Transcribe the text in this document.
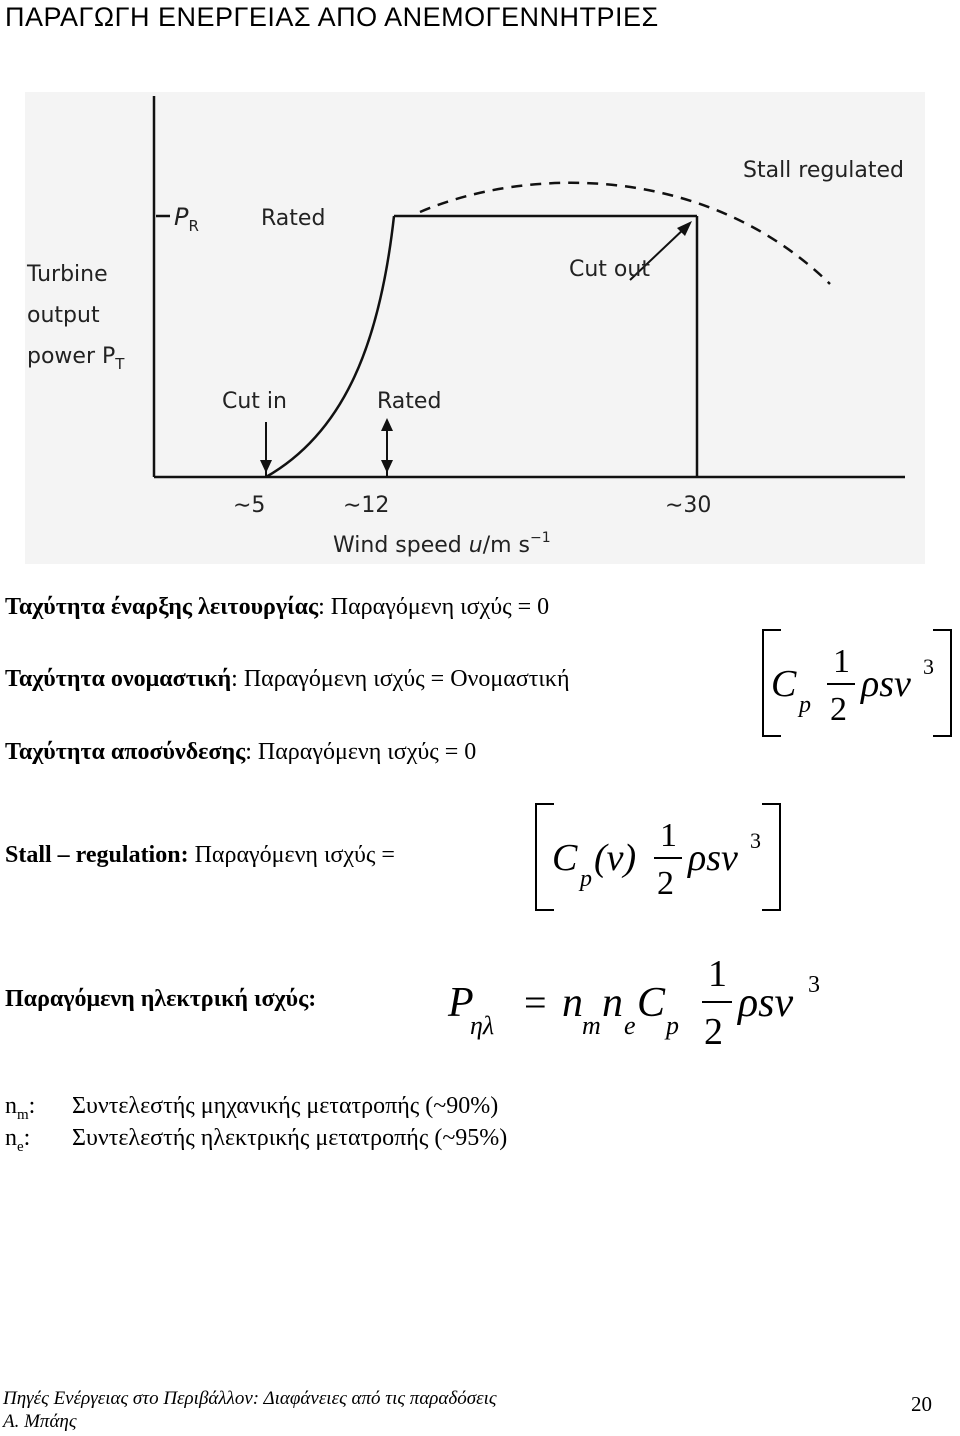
ΠΑΡΑΓΩΓΗ ΕΝΕΡΓΕΙΑΣ ΑΠΟ ΑΝΕΜΟΓΕΝΝΗΤΡΙΕΣ
Turbine
output
power $P_T$
$P_R$	Rated
Stall regulated
Cut out
Cut in	Rated
∼5	∼12	∼30
Wind speed u/m $s^{-1}$
Ταχύτητα έναρξης λειτουργίας: Παραγόμενη ισχύς = 0
Ταχύτητα ονομαστική: Παραγόμενη ισχύς = Ονομαστική
Ταχύτητα αποσύνδεσης: Παραγόμενη ισχύς = 0
C p
1
2
ρsv 3
Stall – regulation: Παραγόμενη ισχύς =	C p (v)
1
2
ρsv 3
Παραγόμενη ηλεκτρική ισχύς:	P
ηλ
= n m n e C p
1
2
ρsv 3
$n_m$: Συντελεστής μηχανικής μετατροπής (~90%)
$n_e$: Συντελεστής ηλεκτρικής μετατροπής (~95%)
Πηγές Ενέργειας στο Περιβάλλον: Διαφάνειες από τις παραδόσεις
Α. Μπάης
20
